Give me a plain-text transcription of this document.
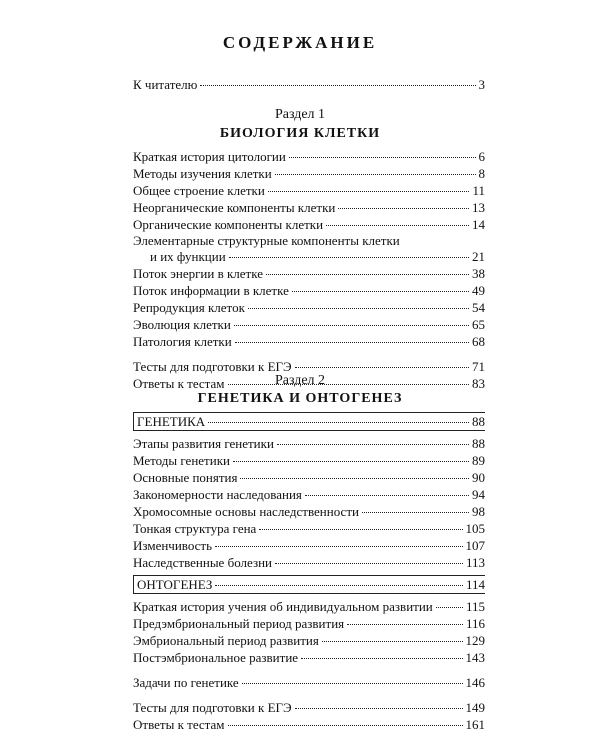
СОДЕРЖАНИЕ
К читателю	3
Раздел 1
БИОЛОГИЯ КЛЕТКИ
Краткая история цитологии	6
Методы изучения клетки	8
Общее строение клетки	11
Неорганические компоненты клетки	13
Органические компоненты клетки	14
Элементарные структурные компоненты клетки
и их функции	21
Поток энергии в клетке	38
Поток информации в клетке	49
Репродукция клеток	54
Эволюция клетки	65
Патология клетки	68
Тесты для подготовки к ЕГЭ	71
Ответы к тестам	83
Раздел 2
ГЕНЕТИКА И ОНТОГЕНЕЗ
ГЕНЕТИКА	88
Этапы развития генетики	88
Методы генетики	89
Основные понятия	90
Закономерности наследования	94
Хромосомные основы наследственности	98
Тонкая структура гена	105
Изменчивость	107
Наследственные болезни	113
ОНТОГЕНЕЗ	114
Краткая история учения об индивидуальном развитии	115
Предэмбриональный период развития	116
Эмбриональный период развития	129
Постэмбриональное развитие	143
Задачи по генетике	146
Тесты для подготовки к ЕГЭ	149
Ответы к тестам	161
